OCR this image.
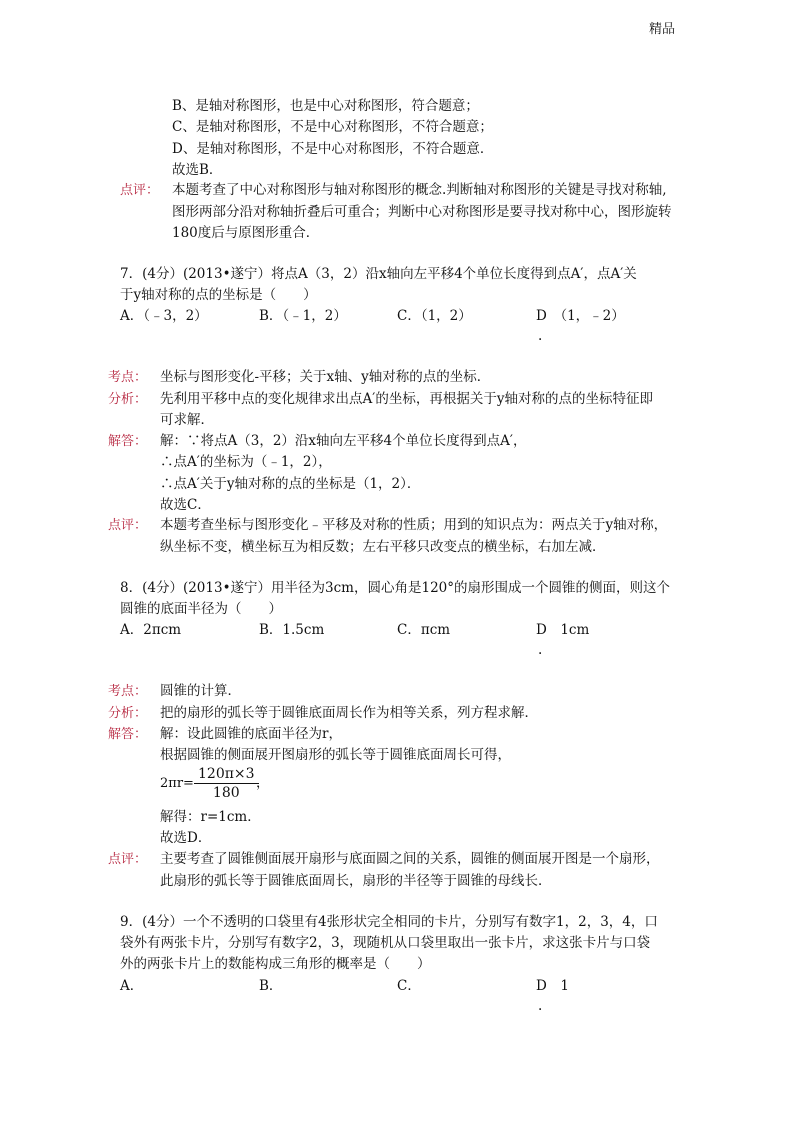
精品
B、是轴对称图形，也是中心对称图形，符合题意；
C、是轴对称图形，不是中心对称图形，不符合题意；
D、是轴对称图形，不是中心对称图形，不符合题意．
故选B．
点评： 本题考查了中心对称图形与轴对称图形的概念.判断轴对称图形的关键是寻找对称轴,
图形两部分沿对称轴折叠后可重合；判断中心对称图形是要寻找对称中心，图形旋转
180度后与原图形重合．
7．(4分）(2013•遂宁）将点A（3，2）沿x轴向左平移4个单位长度得到点A′，点A′关
于y轴对称的点的坐标是（　　）
A．（﹣3，2）	B．（﹣1，2）	C．（1，2）	D　（1，﹣2）
.
考点： 坐标与图形变化-平移；关于x轴、y轴对称的点的坐标．
分析： 先利用平移中点的变化规律求出点A′的坐标，再根据关于y轴对称的点的坐标特征即
可求解．
解答： 解：∵将点A（3，2）沿x轴向左平移4个单位长度得到点A′，
∴点A′的坐标为（﹣1，2），
∴点A′关于y轴对称的点的坐标是（1，2）．
故选C．
点评： 本题考查坐标与图形变化﹣平移及对称的性质；用到的知识点为：两点关于y轴对称，
纵坐标不变，横坐标互为相反数；左右平移只改变点的横坐标，右加左减．
8．(4分）(2013•遂宁）用半径为3cm，圆心角是120°的扇形围成一个圆锥的侧面，则这个
圆锥的底面半径为（　　）
A．2πcm	B．1.5cm	C．πcm	D　1cm
.
考点： 圆锥的计算．
分析： 把的扇形的弧长等于圆锥底面周长作为相等关系，列方程求解．
解答： 解：设此圆锥的底面半径为r，
根据圆锥的侧面展开图扇形的弧长等于圆锥底面周长可得，
2πr=
120π×3
180
，
解得：r=1cm．
故选D．
点评： 主要考查了圆锥侧面展开扇形与底面圆之间的关系，圆锥的侧面展开图是一个扇形，
此扇形的弧长等于圆锥底面周长，扇形的半径等于圆锥的母线长．
9．(4分）一个不透明的口袋里有4张形状完全相同的卡片，分别写有数字1，2，3，4，口
袋外有两张卡片，分别写有数字2，3，现随机从口袋里取出一张卡片，求这张卡片与口袋
外的两张卡片上的数能构成三角形的概率是（　　）
A．	B．	C．	D　1
.
